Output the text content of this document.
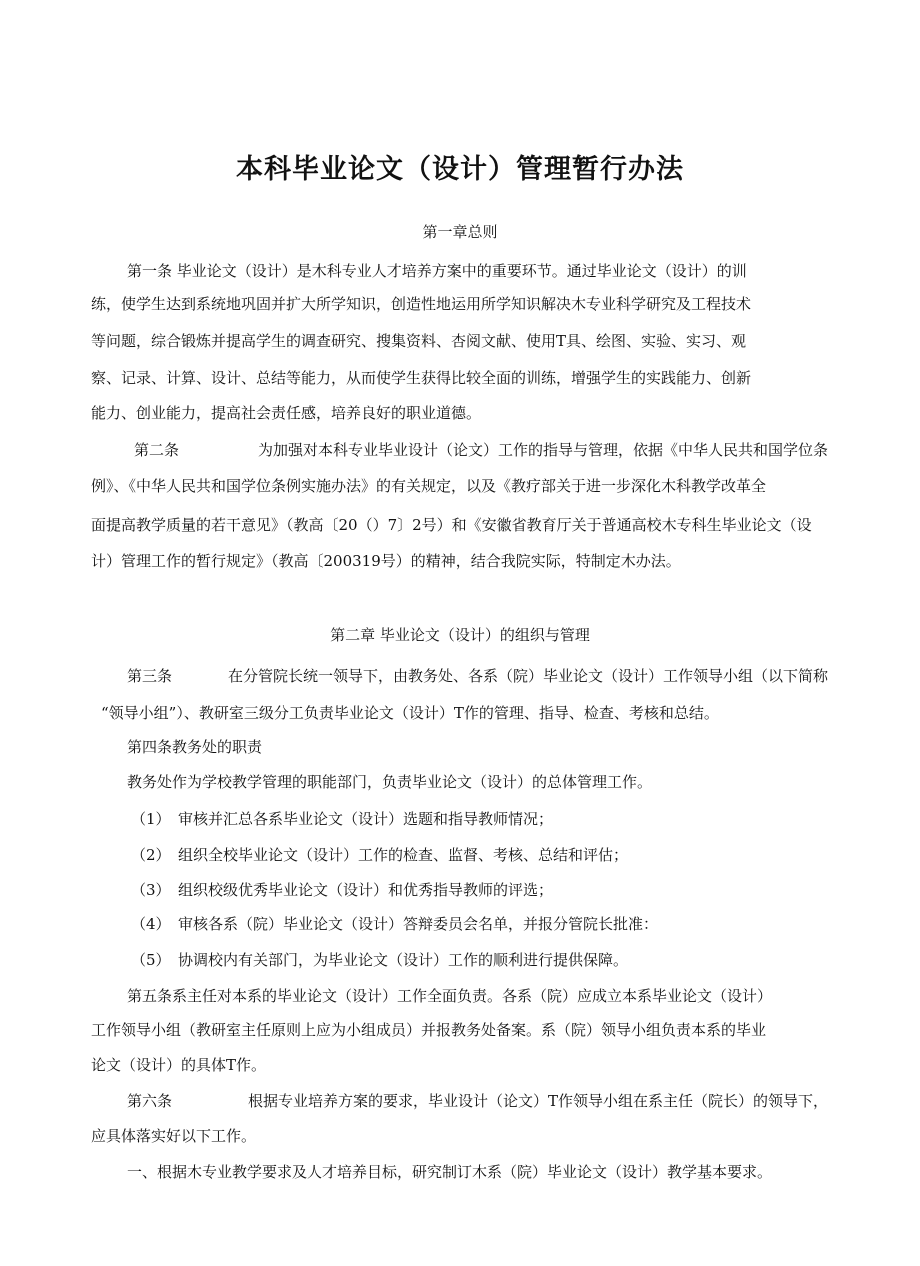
本科毕业论文（设计）管理暂行办法

第一章总则

第一条 毕业论文（设计）是木科专业人才培养方案中的重要环节。通过毕业论文（设计）的训

练，使学生达到系统地巩固并扩大所学知识，创造性地运用所学知识解决木专业科学研究及工程技术

等问题，综合锻炼并提高学生的调查研究、搜集资料、杏阅文献、使用T具、绘图、实验、实习、观

察、记录、计算、设计、总结等能力，从而使学生获得比较全面的训练，增强学生的实践能力、创新

能力、创业能力，提高社会责任感，培养良好的职业道德。

第二条	为加强对本科专业毕业设计（论文）工作的指导与管理，依据《中华人民共和国学位条

例》、《中华人民共和国学位条例实施办法》的有关规定，以及《教疗部关于进一步深化木科教学改革全

面提高教学质量的若干意见》（教高〔20（）7〕2号）和《安徽省教育厅关于普通高校木专科生毕业论文（设

计）管理工作的暂行规定》（教高〔200319号）的精神，结合我院实际，特制定木办法。

第二章 毕业论文（设计）的组织与管理

第三条	在分管院长统一领导下，由教务处、各系（院）毕业论文（设计）工作领导小组（以下简称

“领导小组”）、教研室三级分工负责毕业论文（设计）T作的管理、指导、检查、考核和总结。

第四条教务处的职责

教务处作为学校教学管理的职能部门，负责毕业论文（设计）的总体管理工作。

（1） 审核并汇总各系毕业论文（设计）选题和指导教师情况；

（2） 组织全校毕业论文（设计）工作的检查、监督、考核、总结和评估；

（3） 组织校级优秀毕业论文（设计）和优秀指导教师的评选；

（4） 审核各系（院）毕业论文（设计）答辩委员会名单，并报分管院长批准：

（5） 协调校内有关部门，为毕业论文（设计）工作的顺利进行提供保障。

第五条系主任对本系的毕业论文（设计）工作全面负责。各系（院）应成立本系毕业论文（设计）

工作领导小组（教研室主任原则上应为小组成员）并报教务处备案。系（院）领导小组负责本系的毕业

论文（设计）的具体T作。

第六条	根据专业培养方案的要求，毕业设计（论文）T作领导小组在系主任（院长）的领导下，

应具体落实好以下工作。

一、根据木专业教学要求及人才培养目标，研究制订木系（院）毕业论文（设计）教学基本要求。
